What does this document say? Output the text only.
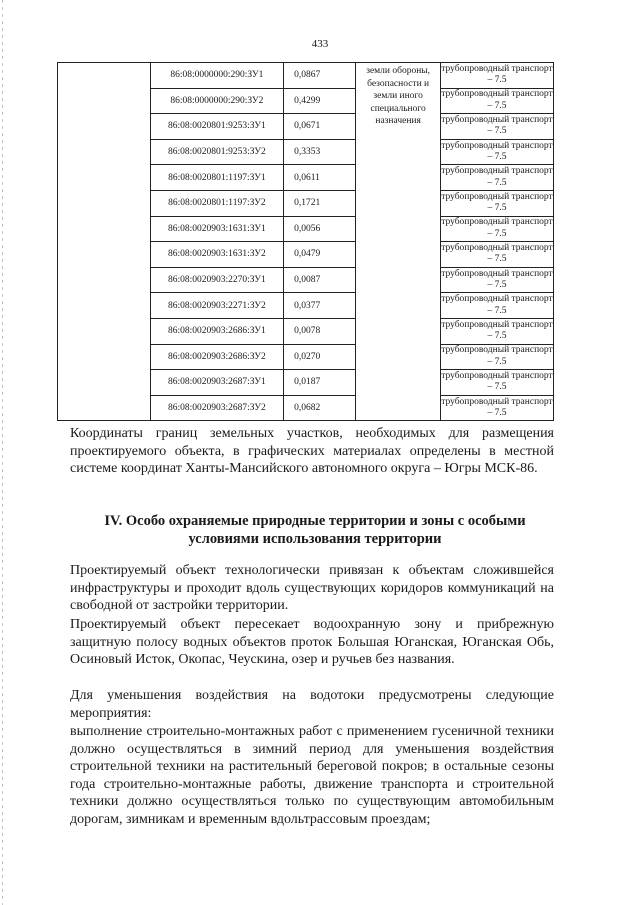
433
	86:08:0000000:290:ЗУ1	0,0867	земли обороны, безопасности и земли иного специального назначения	трубопроводный транспорт – 7.5
	86:08:0000000:290:ЗУ2	0,4299		трубопроводный транспорт – 7.5
	86:08:0020801:9253:ЗУ1	0,0671		трубопроводный транспорт – 7.5
	86:08:0020801:9253:ЗУ2	0,3353		трубопроводный транспорт – 7.5
	86:08:0020801:1197:ЗУ1	0,0611		трубопроводный транспорт – 7.5
	86:08:0020801:1197:ЗУ2	0,1721		трубопроводный транспорт – 7.5
	86:08:0020903:1631:ЗУ1	0,0056		трубопроводный транспорт – 7.5
	86:08:0020903:1631:ЗУ2	0,0479		трубопроводный транспорт – 7.5
	86:08:0020903:2270:ЗУ1	0,0087		трубопроводный транспорт – 7.5
	86:08:0020903:2271:ЗУ2	0,0377		трубопроводный транспорт – 7.5
	86:08:0020903:2686:ЗУ1	0,0078		трубопроводный транспорт – 7.5
	86:08:0020903:2686:ЗУ2	0,0270		трубопроводный транспорт – 7.5
	86:08:0020903:2687:ЗУ1	0,0187		трубопроводный транспорт – 7.5
	86:08:0020903:2687:ЗУ2	0,0682		трубопроводный транспорт – 7.5
Координаты границ земельных участков, необходимых для размещения проектируемого объекта, в графических материалах определены в местной системе координат Ханты-Мансийского автономного округа – Югры МСК-86.
IV. Особо охраняемые природные территории и зоны с особыми
условиями использования территории
Проектируемый объект технологически привязан к объектам сложившейся инфраструктуры и проходит вдоль существующих коридоров коммуникаций на свободной от застройки территории.
Проектируемый объект пересекает водоохранную зону и прибрежную защитную полосу водных объектов проток Большая Юганская, Юганская Обь, Осиновый Исток, Окопас, Чеускина, озер и ручьев без названия.
Для уменьшения воздействия на водотоки предусмотрены следующие мероприятия:
выполнение строительно-монтажных работ с применением гусеничной техники должно осуществляться в зимний период для уменьшения воздействия строительной техники на растительный береговой покров; в остальные сезоны года строительно-монтажные работы, движение транспорта и строительной техники должно осуществляться только по существующим автомобильным дорогам, зимникам и временным вдольтрассовым проездам;
